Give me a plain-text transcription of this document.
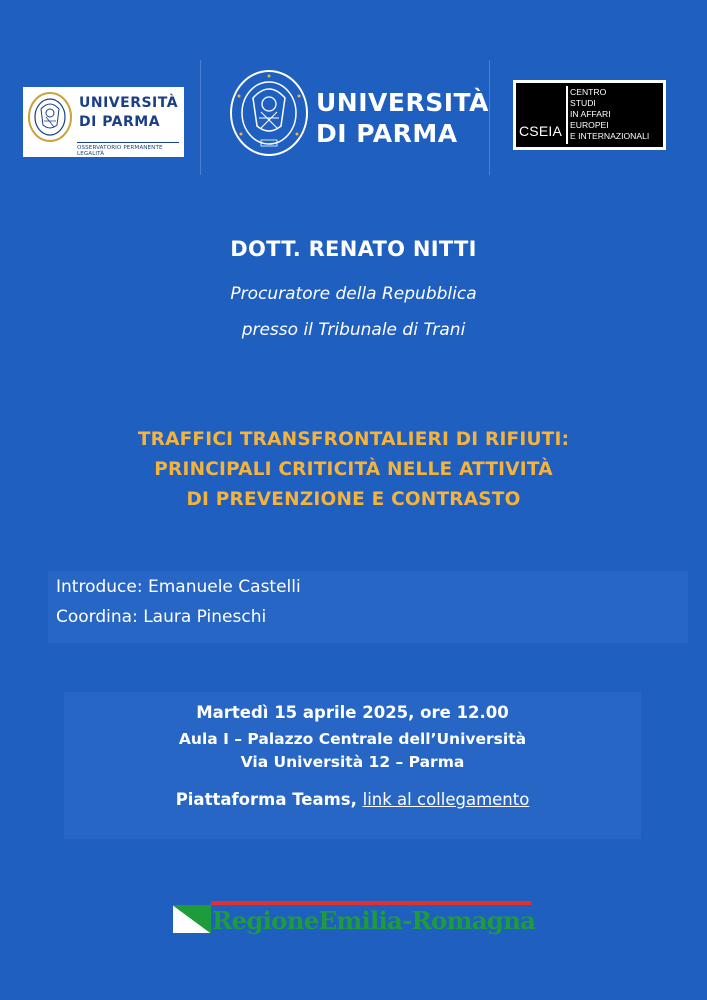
UNIVERSITÀ
DI PARMA
OSSERVATORIO PERMANENTE LEGALITÀ
UNIVERSITÀ
DI PARMA	CSEIA
CENTRO
STUDI
IN AFFARI
EUROPEI
E INTERNAZIONALI
DOTT. RENATO NITTI
Procuratore della Repubblica
presso il Tribunale di Trani
TRAFFICI TRANSFRONTALIERI DI RIFIUTI:
PRINCIPALI CRITICITÀ NELLE ATTIVITÀ
DI PREVENZIONE E CONTRASTO
Introduce: Emanuele Castelli
Coordina: Laura Pineschi
Martedì 15 aprile 2025, ore 12.00
Aula I – Palazzo Centrale dell’Università
Via Università 12 – Parma
Piattaforma Teams, link al collegamento
RegioneEmilia-Romagna
